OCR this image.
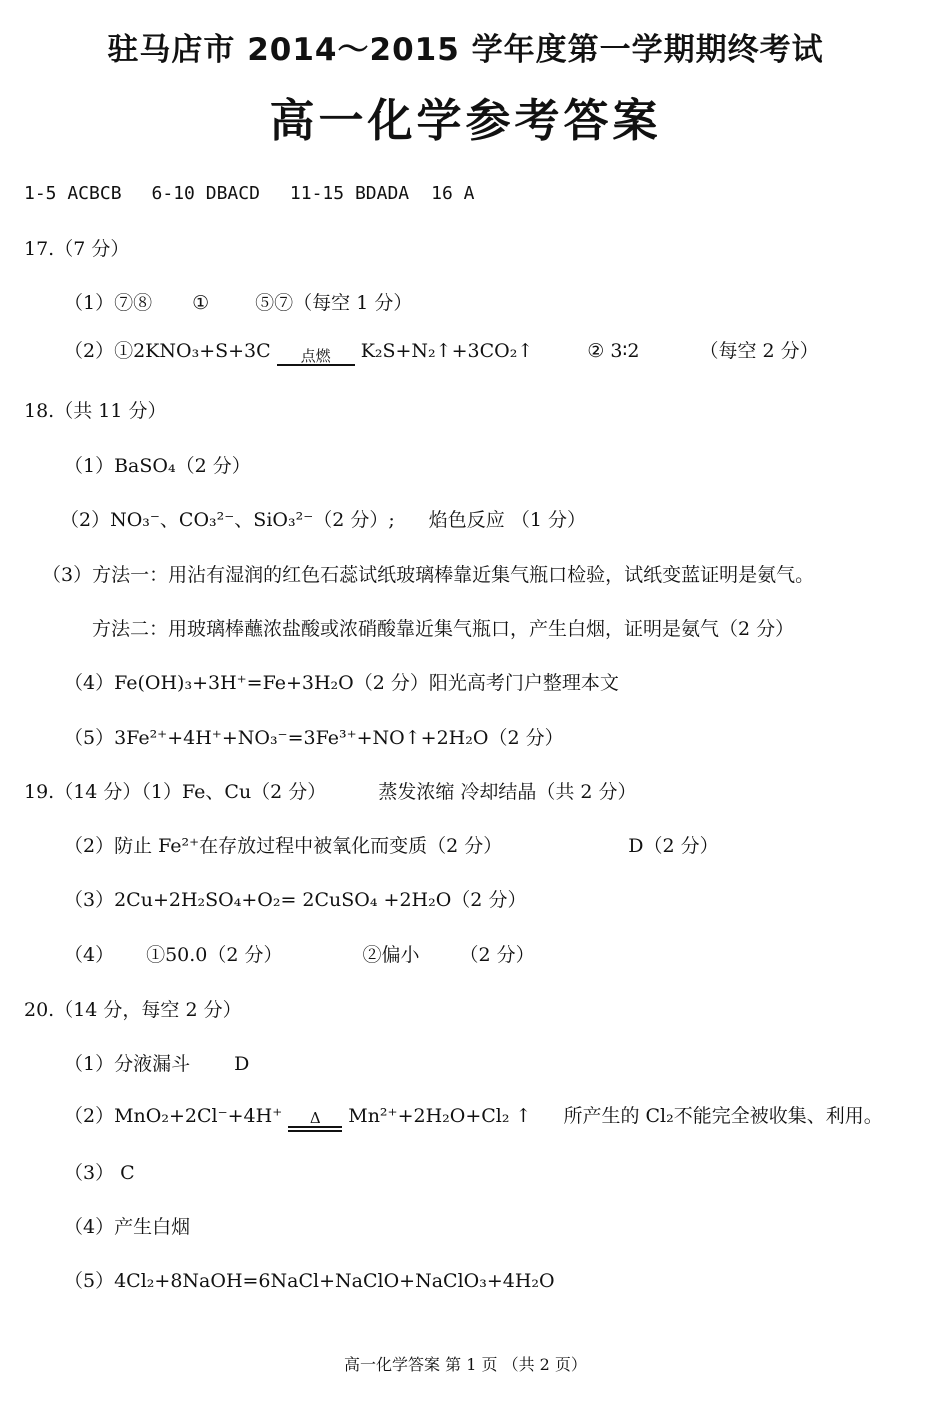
驻马店市 2014～2015 学年度第一学期期终考试
高一化学参考答案
1-5 ACBCB 6-10 DBACD 11-15 BDADA 16 A
17.（7 分）
（1）⑦⑧ ① ⑤⑦（每空 1 分）
（2）①2KNO₃+S+3C	点燃	K₂S+N₂↑+3CO₂↑	② 3∶2	（每空 2 分）
18.（共 11 分）
（1）BaSO₄（2 分）
（2）NO₃⁻、CO₃²⁻、SiO₃²⁻（2 分）; 焰色反应 （1 分）
（3）方法一：用沾有湿润的红色石蕊试纸玻璃棒靠近集气瓶口检验，试纸变蓝证明是氨气。
方法二：用玻璃棒蘸浓盐酸或浓硝酸靠近集气瓶口，产生白烟，证明是氨气（2 分）
（4）Fe(OH)₃+3H⁺=Fe+3H₂O（2 分）阳光高考门户整理本文
（5）3Fe²⁺+4H⁺+NO₃⁻=3Fe³⁺+NO↑+2H₂O（2 分）
19.（14 分）（1）Fe、Cu（2 分）	蒸发浓缩 冷却结晶（共 2 分）
（2）防止 Fe²⁺在存放过程中被氧化而变质（2 分）	D（2 分）
（3）2Cu+2H₂SO₄+O₂= 2CuSO₄ +2H₂O（2 分）
（4） ①50.0（2 分）	②偏小 （2 分）
20.（14 分，每空 2 分）
（1）分液漏斗 D
（2）MnO₂+2Cl⁻+4H⁺	Δ	Mn²⁺+2H₂O+Cl₂ ↑ 所产生的 Cl₂不能完全被收集、利用。
（3） C
（4）产生白烟
（5）4Cl₂+8NaOH=6NaCl+NaClO+NaClO₃+4H₂O
高一化学答案 第 1 页 （共 2 页）
